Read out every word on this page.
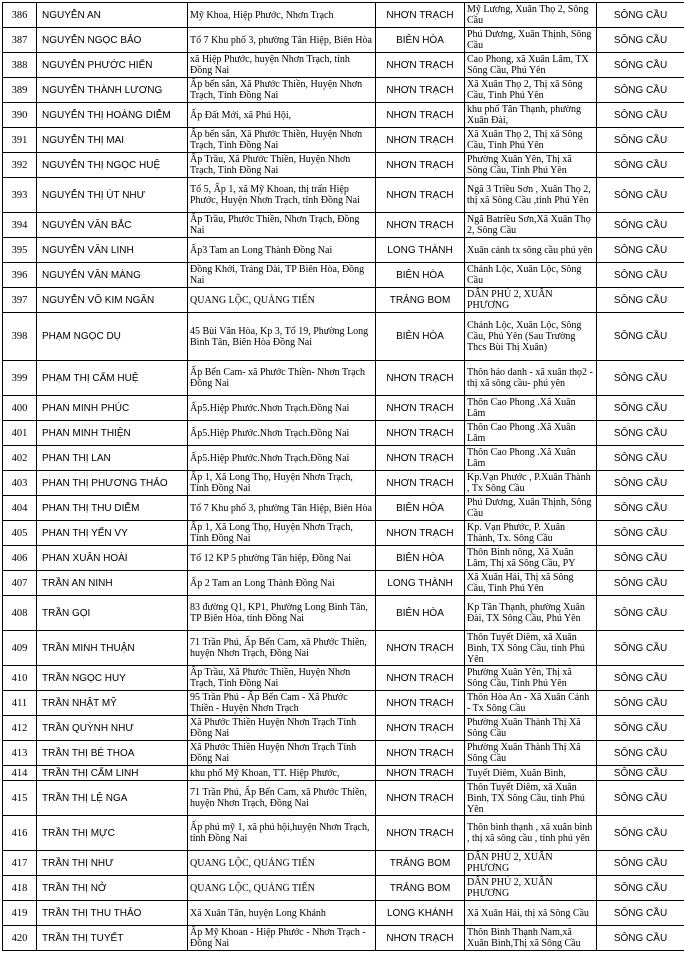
386	NGUYỄN AN	Mỹ Khoa, Hiệp Phước, Nhơn Trạch	NHƠN TRẠCH	Mỹ Lương, Xuân Thọ 2, Sông Cầu	SÔNG CẦU
387	NGUYỄN NGỌC BẢO	Tổ 7 Khu phố 3, phường Tân Hiệp, Biên Hòa	BIÊN HÒA	Phú Dương, Xuân Thịnh, Sông Cầu	SÔNG CẦU
388	NGUYỄN PHƯỚC HIỂN	xã Hiệp Phước, huyện Nhơn Trạch, tỉnh Đồng Nai	NHƠN TRẠCH	Cao Phong, xã Xuân Lâm, TX Sông Cầu, Phú Yên	SÔNG CẦU
389	NGUYỄN THÀNH LƯƠNG	Ấp bến sắn, Xã Phước Thiền, Huyện Nhơn Trạch, Tỉnh Đồng Nai	NHƠN TRẠCH	Xã Xuân Thọ 2, Thị xã Sông Cầu, Tỉnh Phú Yên	SÔNG CẦU
390	NGUYỄN THỊ HOÀNG DIỄM	Ấp Đất Mới, xã Phú Hội,	NHƠN TRẠCH	khu phố Tân Thạnh, phường Xuân Đài,	SÔNG CẦU
391	NGUYỄN THỊ MAI	Ấp bến sắn, Xã Phước Thiền, Huyện Nhơn Trạch, Tỉnh Đồng Nai	NHƠN TRẠCH	Xã Xuân Thọ 2, Thị xã Sông Cầu, Tỉnh Phú Yên	SÔNG CẦU
392	NGUYỄN THỊ NGỌC HUỆ	Ấp Trầu, Xã Phước Thiền, Huyện Nhơn Trạch, Tỉnh Đồng Nai	NHƠN TRẠCH	Phường Xuân Yên, Thị xã Sông Cầu, Tỉnh Phú Yên	SÔNG CẦU
393	NGUYỄN THỊ ÚT NHƯ	Tổ 5, Ấp 1, xã Mỹ Khoan, thị trấn Hiệp Phước, Huyện Nhơn Trạch, tỉnh Đồng Nai	NHƠN TRẠCH	Ngã 3 Triều Sơn , Xuân Thọ 2, thị xã Sông Cầu ,tỉnh Phú Yên	SÔNG CẦU
394	NGUYỄN VĂN BẮC	Ấp Trầu, Phước Thiền, Nhơn Trạch, Đồng Nai	NHƠN TRẠCH	Ngã Batriều Sơn,Xã Xuân Thọ 2, Sông Cầu	SÔNG CẦU
395	NGUYỄN VĂN LINH	Ấp3 Tam an Long Thành Đồng Nai	LONG THÀNH	Xuân cảnh tx sông cầu phú yên	SÔNG CẦU
396	NGUYỄN VĂN MÀNG	Đồng Khởi, Trảng Dài, TP Biên Hòa, Đồng Nai	BIÊN HÒA	Chánh Lộc, Xuân Lộc, Sông Cầu	SÔNG CẦU
397	NGUYỄN VÕ KIM NGÂN	QUANG LỘC, QUẢNG TIẾN	TRẢNG BOM	DÂN PHÚ 2, XUÂN PHƯƠNG	SÔNG CẦU
398	PHẠM NGỌC DỤ	45 Bùi Văn Hòa, Kp 3, Tổ 19, Phường Long Bình Tân, Biên Hòa Đồng Nai	BIÊN HÒA	Chánh Lộc, Xuân Lộc, Sông Cầu, Phú Yên (Sau Trường Thcs Bùi Thị Xuân)	SÔNG CẦU
399	PHẠM THỊ CẨM HUỆ	Ấp Bến Cam- xã Phước Thiền- Nhơn Trạch Đồng Nai	NHƠN TRẠCH	Thôn hảo danh - xã xuân thọ2 - thị xã sông cầu- phú yên	SÔNG CẦU
400	PHAN MINH PHÚC	Ấp5.Hiệp Phước.Nhơn Trạch.Đồng Nai	NHƠN TRẠCH	Thôn Cao Phong .Xã Xuân Lâm	SÔNG CẦU
401	PHAN MINH THIỆN	Ấp5.Hiệp Phước.Nhơn Trạch.Đồng Nai	NHƠN TRẠCH	Thôn Cao Phong .Xã Xuân Lâm	SÔNG CẦU
402	PHAN THỊ LAN	Ấp5.Hiệp Phước.Nhơn Trạch.Đồng Nai	NHƠN TRẠCH	Thôn Cao Phong .Xã Xuân Lâm	SÔNG CẦU
403	PHAN THỊ PHƯƠNG THẢO	Ấp 1, Xã Long Thọ, Huyện Nhơn Trạch, Tỉnh Đồng Nai	NHƠN TRẠCH	Kp.Vạn Phước , P.Xuân Thành , Tx Sông Cầu	SÔNG CẦU
404	PHAN THỊ THU DIỄM	Tổ 7 Khu phố 3, phường Tân Hiệp, Biên Hòa	BIÊN HÒA	Phú Dương, Xuân Thịnh, Sông Cầu	SÔNG CẦU
405	PHAN THỊ YẾN VY	Ấp 1, Xã Long Thọ, Huyện Nhơn Trạch, Tỉnh Đồng Nai	NHƠN TRẠCH	Kp. Vạn Phước, P. Xuân Thành, Tx. Sông Cầu	SÔNG CẦU
406	PHAN XUÂN HOÀI	Tổ 12 KP 5 phường Tân hiệp, Đồng Nai	BIÊN HÒA	Thôn Bình nông, Xã Xuân Lâm, Thị xã Sông Cầu, PY	SÔNG CẦU
407	TRẦN AN NINH	Ấp 2 Tam an Long Thành Đồng Nai	LONG THÀNH	Xã Xuân Hải, Thị xã Sông Cầu, Tỉnh Phú Yên	SÔNG CẦU
408	TRẦN GỌI	83 đường Q1, KP1, Phường Long Bình Tân, TP Biên Hòa, tỉnh Đồng Nai	BIÊN HÒA	Kp Tân Thạnh, phường Xuân Đài, TX Sông Cầu, Phú Yên	SÔNG CẦU
409	TRẦN MINH THUẬN	71 Trần Phú, Ấp Bến Cam, xã Phước Thiền, huyện Nhơn Trạch, Đồng Nai	NHƠN TRẠCH	Thôn Tuyết Diêm, xã Xuân Bình, TX Sông Cầu, tỉnh Phú Yên	SÔNG CẦU
410	TRẦN NGỌC HUY	Ấp Trầu, Xã Phước Thiền, Huyện Nhơn Trạch, Tỉnh Đồng Nai	NHƠN TRẠCH	Phường Xuân Yên, Thị xã Sông Cầu, Tỉnh Phú Yên	SÔNG CẦU
411	TRẦN NHẬT MỸ	95 Trần Phú - Ấp Bến Cam - Xã Phước Thiền - Huyện Nhơn Trạch	NHƠN TRẠCH	Thôn Hòa An - Xã Xuân Cảnh - Tx Sông Cầu	SÔNG CẦU
412	TRẦN QUỲNH NHƯ	Xã Phước Thiền Huyện Nhơn Trạch Tỉnh Đồng Nai	NHƠN TRẠCH	Phường Xuân Thành Thị Xã Sông Cầu	SÔNG CẦU
413	TRẦN THỊ BÉ THOA	Xã Phước Thiền Huyện Nhơn Trạch Tỉnh Đồng Nai	NHƠN TRẠCH	Phường Xuân Thành Thị Xã Sông Cầu	SÔNG CẦU
414	TRẦN THỊ CẨM LINH	khu phố Mỹ Khoan, TT. Hiệp Phước,	NHƠN TRẠCH	Tuyết Diêm, Xuân Bình,	SÔNG CẦU
415	TRẦN THỊ LỆ NGA	71 Trần Phú, Ấp Bến Cam, xã Phước Thiền, huyện Nhơn Trạch, Đồng Nai	NHƠN TRẠCH	Thôn Tuyết Diêm, xã Xuân Bình, TX Sông Cầu, tỉnh Phú Yên	SÔNG CẦU
416	TRẦN THỊ MỰC	Ấp phú mỹ 1, xã phú hội,huyện Nhơn Trạch, tỉnh Đồng Nai	NHƠN TRẠCH	Thôn bình thạnh , xã xuân bình , thị xã sông cầu , tỉnh phú yên	SÔNG CẦU
417	TRẦN THỊ NHƯ	QUANG LỘC, QUẢNG TIẾN	TRẢNG BOM	DÂN PHÚ 2, XUÂN PHƯƠNG	SÔNG CẦU
418	TRẦN THỊ NỞ	QUANG LỘC, QUẢNG TIẾN	TRẢNG BOM	DÂN PHÚ 2, XUÂN PHƯƠNG	SÔNG CẦU
419	TRẦN THỊ THU THẢO	Xã Xuân Tân, huyện Long Khánh	LONG KHÁNH	Xã Xuân Hải, thị xã Sông Cầu	SÔNG CẦU
420	TRẦN THỊ TUYẾT	Ấp Mỹ Khoan - Hiệp Phước - Nhơn Trạch - Đồng Nai	NHƠN TRẠCH	Thôn Bình Thạnh Nam,xã Xuân Bình,Thị xã Sông Cầu	SÔNG CẦU
